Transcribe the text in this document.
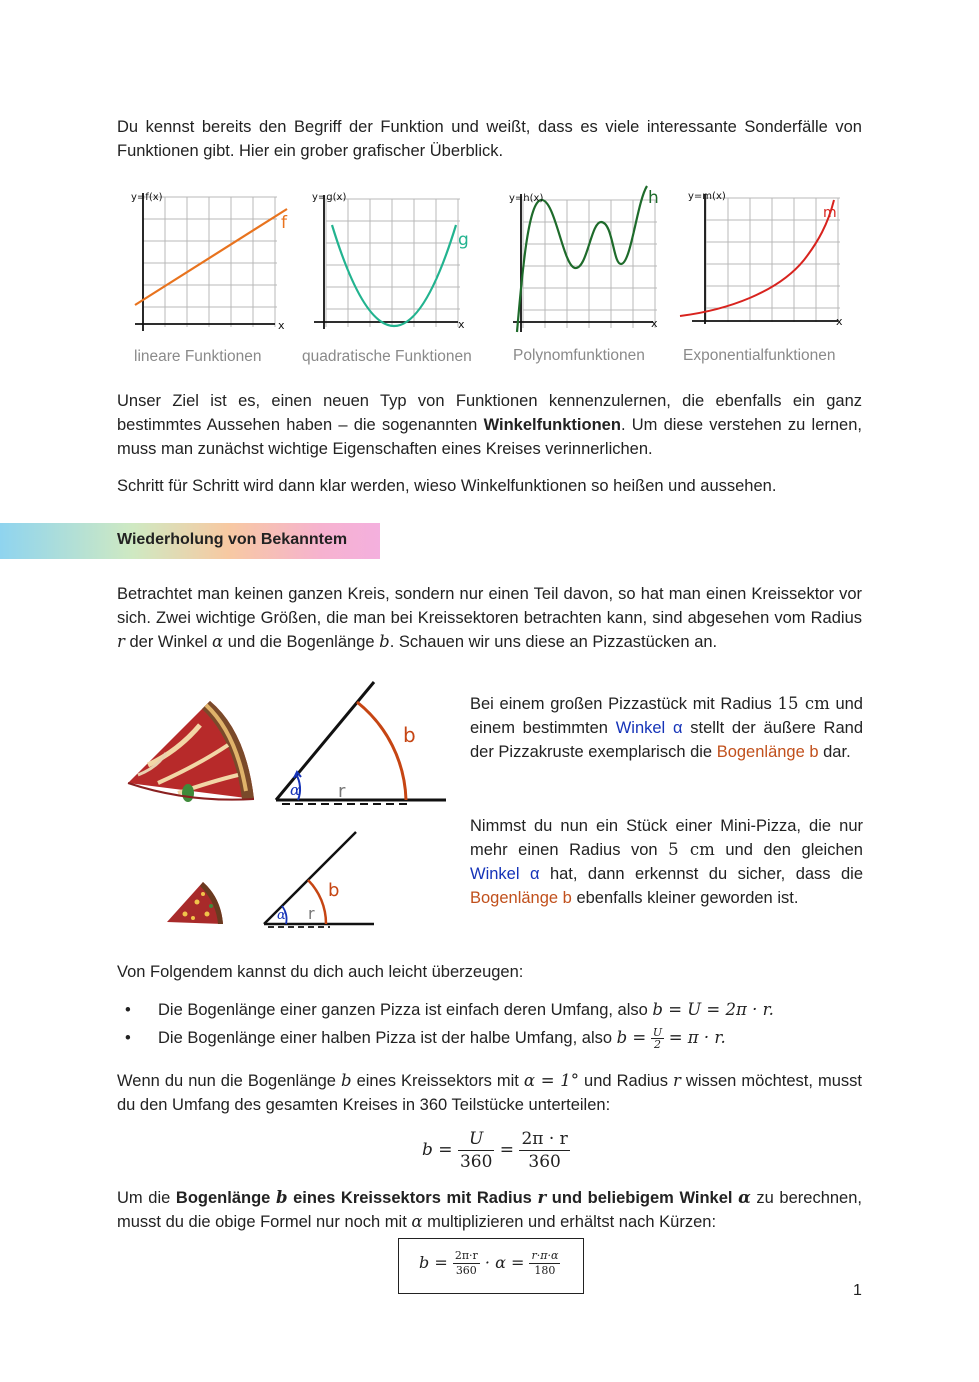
Du kennst bereits den Begriff der Funktion und weißt, dass es viele interessante Sonderfälle von Funktionen gibt. Hier ein grober grafischer Überblick.
y=f(x)
f
x
y=g(x)
g
x
y=h(x)	h
x
y=m(x)
m
x
lineare Funktionen	quadratische Funktionen	Polynomfunktionen Exponentialfunktionen
Unser Ziel ist es, einen neuen Typ von Funktionen kennenzulernen, die ebenfalls ein ganz bestimmtes Aussehen haben – die sogenannten Winkelfunktionen. Um diese verstehen zu lernen, muss man zunächst wichtige Eigenschaften eines Kreises verinnerlichen.
Schritt für Schritt wird dann klar werden, wieso Winkelfunktionen so heißen und aussehen.
Wiederholung von Bekanntem
Betrachtet man keinen ganzen Kreis, sondern nur einen Teil davon, so hat man einen Kreissektor vor sich. Zwei wichtige Größen, die man bei Kreissektoren betrachten kann, sind abgesehen vom Radius r der Winkel α und die Bogenlänge b. Schauen wir uns diese an Pizzastücken an.
b
r
α
Bei einem großen Pizzastück mit Radius 15 cm und einem bestimmten Winkel α stellt der äußere Rand der Pizzakruste exemplarisch die Bogenlänge b dar.
b
r
α
Nimmst du nun ein Stück einer Mini-Pizza, die nur mehr einen Radius von 5 cm und den gleichen Winkel α hat, dann erkennst du sicher, dass die Bogenlänge b ebenfalls kleiner geworden ist.
Von Folgendem kannst du dich auch leicht überzeugen:
• Die Bogenlänge einer ganzen Pizza ist einfach deren Umfang, also b = U = 2π · r.
• Die Bogenlänge einer halben Pizza ist der halbe Umfang, also $b = \frac{U}{2} = \pi \cdot r$.
Wenn du nun die Bogenlänge b eines Kreissektors mit α = 1° und Radius r wissen möchtest, musst du den Umfang des gesamten Kreises in 360 Teilstücke unterteilen:
$b = \frac{U}{360} = \frac{2\pi \cdot r}{360}$
Um die Bogenlänge b eines Kreissektors mit Radius r und beliebigem Winkel α zu berechnen, musst du die obige Formel nur noch mit α multiplizieren und erhältst nach Kürzen:
$b = \frac{2\pi\cdot r}{360} \cdot \alpha = \frac{r\cdot\pi\cdot\alpha}{180}$
1
